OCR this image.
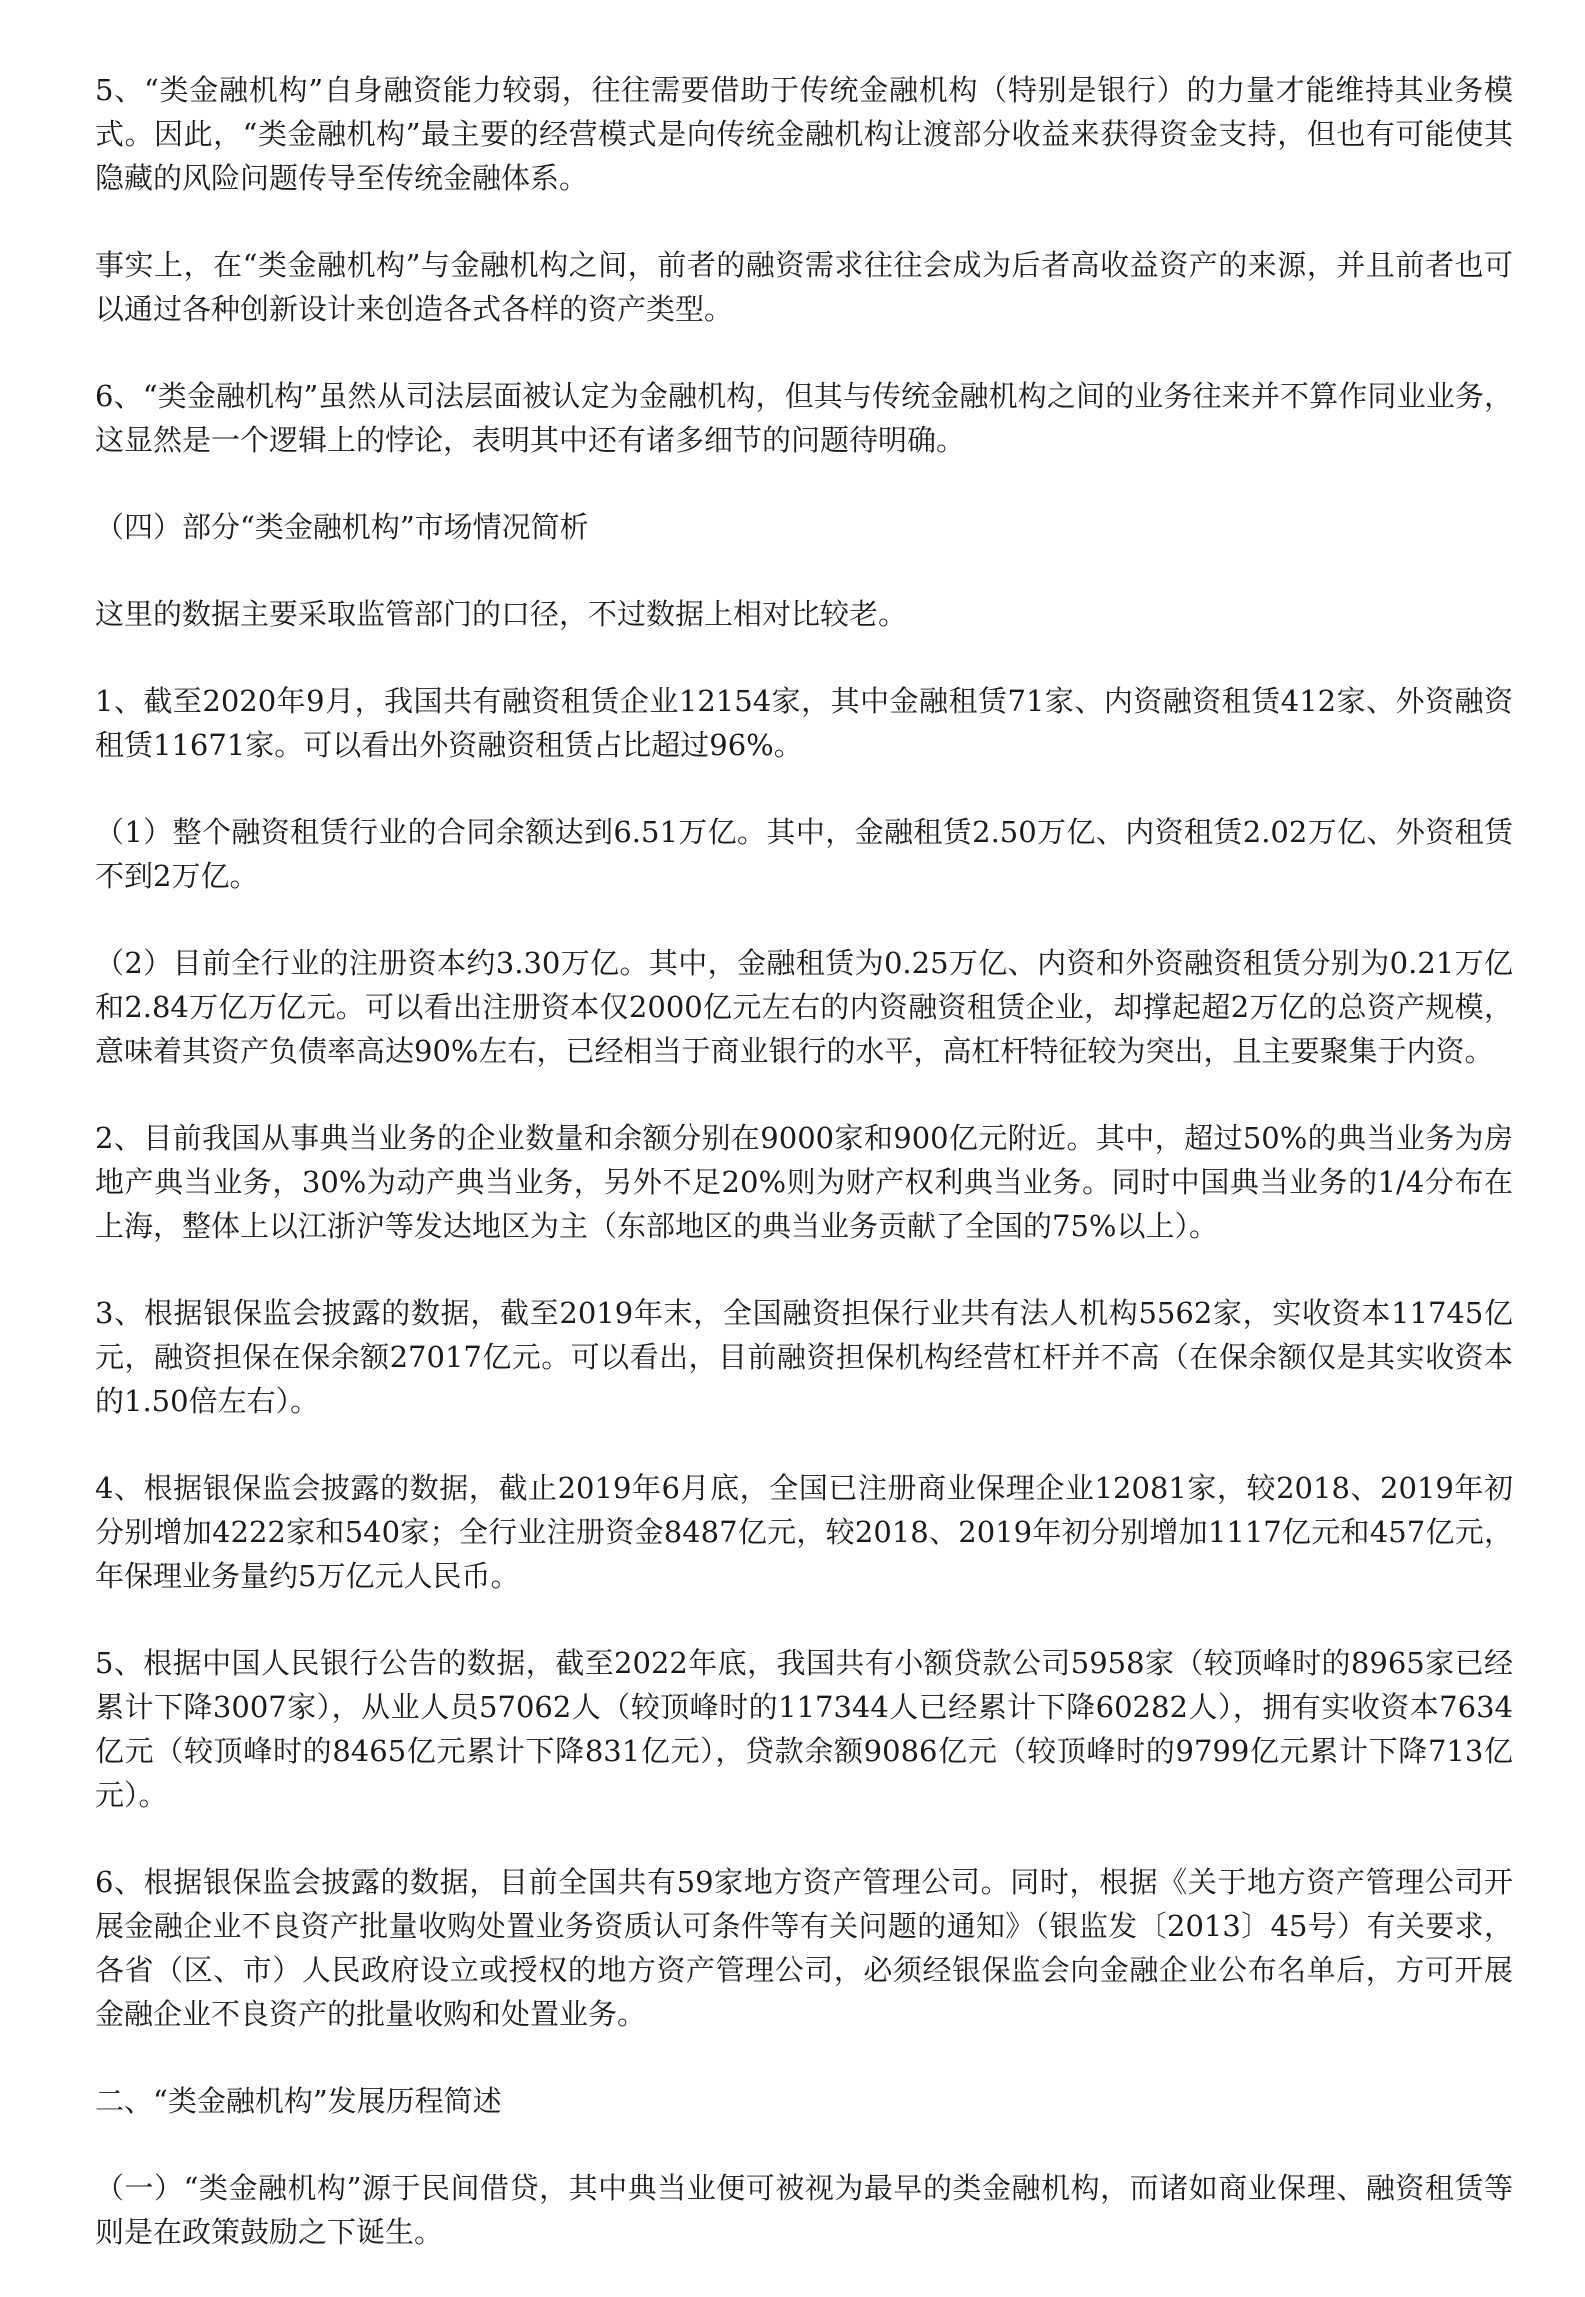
5、“类金融机构”自身融资能力较弱，往往需要借助于传统金融机构（特别是银行）的力量才能维持其业务模式。因此，“类金融机构”最主要的经营模式是向传统金融机构让渡部分收益来获得资金支持，但也有可能使其隐藏的风险问题传导至传统金融体系。

事实上，在“类金融机构”与金融机构之间，前者的融资需求往往会成为后者高收益资产的来源，并且前者也可以通过各种创新设计来创造各式各样的资产类型。

6、“类金融机构”虽然从司法层面被认定为金融机构，但其与传统金融机构之间的业务往来并不算作同业业务，这显然是一个逻辑上的悖论，表明其中还有诸多细节的问题待明确。

（四）部分“类金融机构”市场情况简析

这里的数据主要采取监管部门的口径，不过数据上相对比较老。

1、截至2020年9月，我国共有融资租赁企业12154家，其中金融租赁71家、内资融资租赁412家、外资融资租赁11671家。可以看出外资融资租赁占比超过96%。

（1）整个融资租赁行业的合同余额达到6.51万亿。其中，金融租赁2.50万亿、内资租赁2.02万亿、外资租赁不到2万亿。

（2）目前全行业的注册资本约3.30万亿。其中，金融租赁为0.25万亿、内资和外资融资租赁分别为0.21万亿和2.84万亿万亿元。可以看出注册资本仅2000亿元左右的内资融资租赁企业，却撑起超2万亿的总资产规模，意味着其资产负债率高达90%左右，已经相当于商业银行的水平，高杠杆特征较为突出，且主要聚集于内资。

2、目前我国从事典当业务的企业数量和余额分别在9000家和900亿元附近。其中，超过50%的典当业务为房地产典当业务，30%为动产典当业务，另外不足20%则为财产权利典当业务。同时中国典当业务的1/4分布在上海，整体上以江浙沪等发达地区为主（东部地区的典当业务贡献了全国的75%以上）。

3、根据银保监会披露的数据，截至2019年末，全国融资担保行业共有法人机构5562家，实收资本11745亿元，融资担保在保余额27017亿元。可以看出，目前融资担保机构经营杠杆并不高（在保余额仅是其实收资本的1.50倍左右）。

4、根据银保监会披露的数据，截止2019年6月底，全国已注册商业保理企业12081家，较2018、2019年初分别增加4222家和540家；全行业注册资金8487亿元，较2018、2019年初分别增加1117亿元和457亿元，年保理业务量约5万亿元人民币。

5、根据中国人民银行公告的数据，截至2022年底，我国共有小额贷款公司5958家（较顶峰时的8965家已经累计下降3007家），从业人员57062人（较顶峰时的117344人已经累计下降60282人），拥有实收资本7634亿元（较顶峰时的8465亿元累计下降831亿元），贷款余额9086亿元（较顶峰时的9799亿元累计下降713亿元）。

6、根据银保监会披露的数据，目前全国共有59家地方资产管理公司。同时，根据《关于地方资产管理公司开展金融企业不良资产批量收购处置业务资质认可条件等有关问题的通知》（银监发〔2013〕45号）有关要求，各省（区、市）人民政府设立或授权的地方资产管理公司，必须经银保监会向金融企业公布名单后，方可开展金融企业不良资产的批量收购和处置业务。

二、“类金融机构”发展历程简述

（一）“类金融机构”源于民间借贷，其中典当业便可被视为最早的类金融机构，而诸如商业保理、融资租赁等则是在政策鼓励之下诞生。
